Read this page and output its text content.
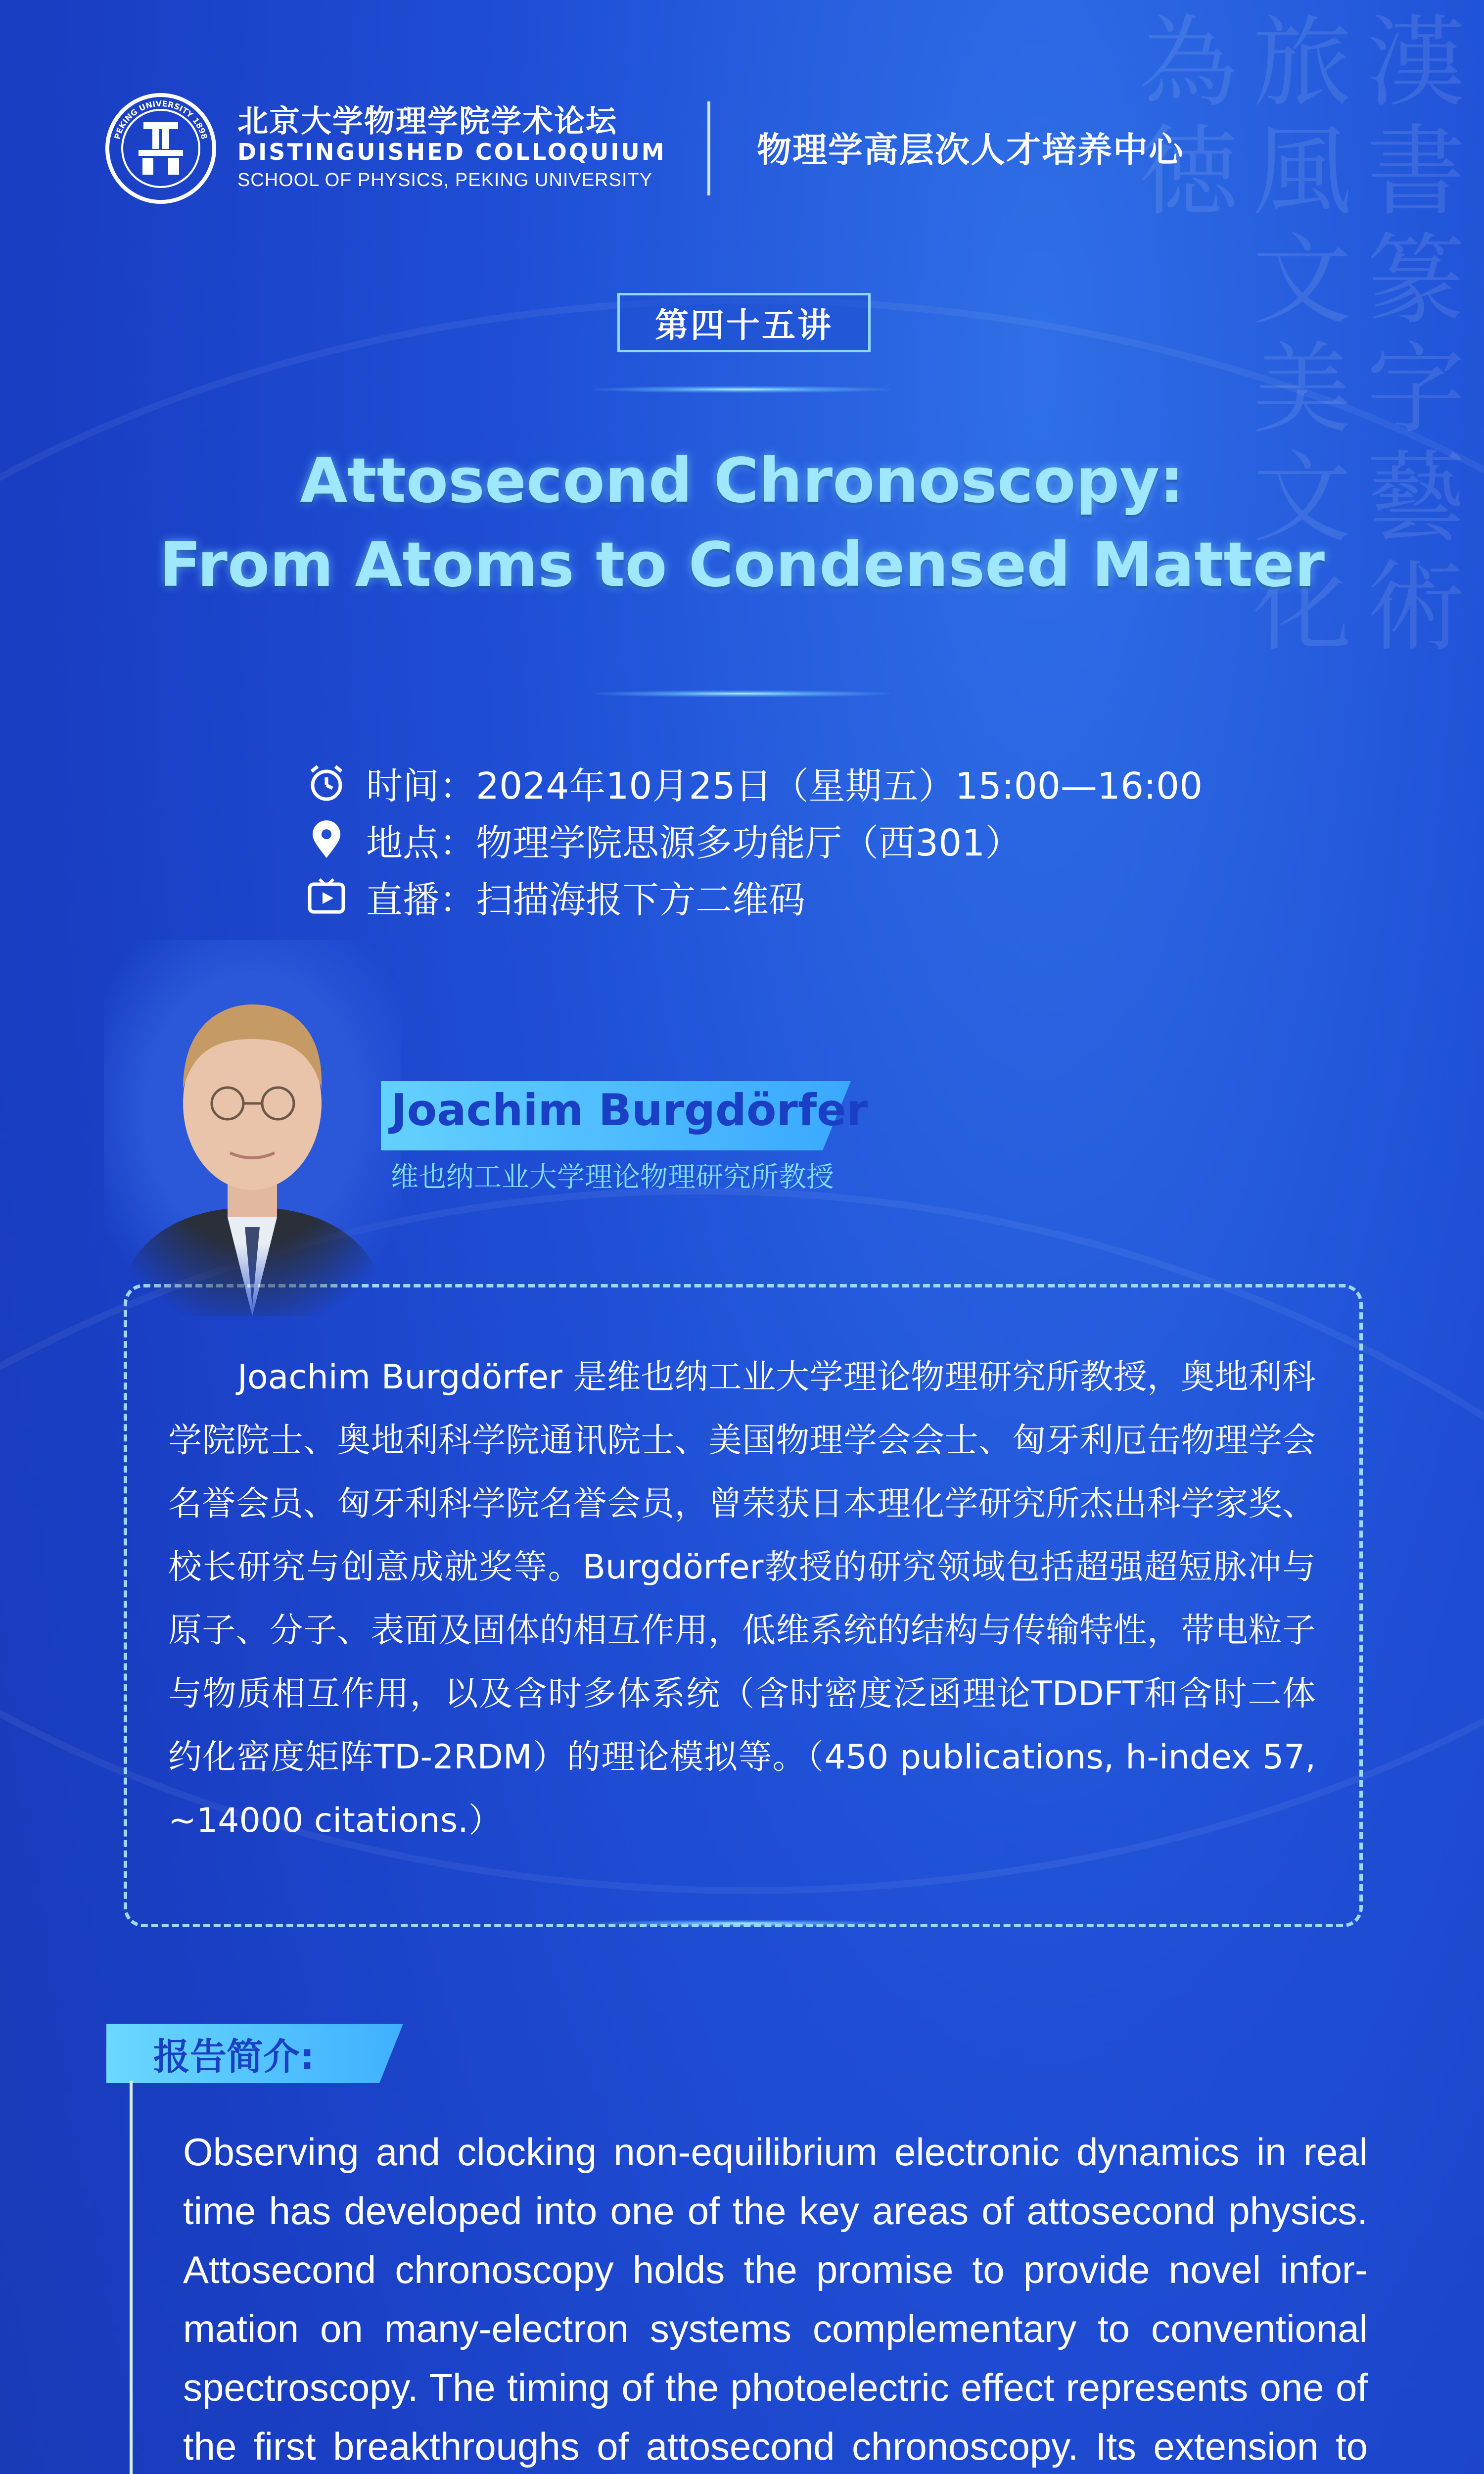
漢書篆字藝術旅風文美文化為徳
PEKING UNIVERSITY 1898 北京大学物理学院学术论坛
DISTINGUISHED COLLOQUIUM
SCHOOL OF PHYSICS, PEKING UNIVERSITY
物理学高层次人才培养中心
第四十五讲
Attosecond Chronoscopy:
From Atoms to Condensed Matter
时间：2024年10月25日（星期五）15:00—16:00
地点：物理学院思源多功能厅（西301）
直播：扫描海报下方二维码
Joachim Burgdörfer
维也纳工业大学理论物理研究所教授
Joachim Burgdörfer 是维也纳工业大学理论物理研究所教授，奥地利科学院院士、奥地利科学院通讯院士、美国物理学会会士、匈牙利厄缶物理学会名誉会员、匈牙利科学院名誉会员，曾荣获日本理化学研究所杰出科学家奖、校长研究与创意成就奖等。Burgdörfer教授的研究领域包括超强超短脉冲与原子、分子、表面及固体的相互作用，低维系统的结构与传输特性，带电粒子与物质相互作用，以及含时多体系统（含时密度泛函理论TDDFT和含时二体约化密度矩阵TD-2RDM）的理论模拟等。（450 publications, h-index 57, ~14000 citations.）
报告简介:
Observing and clocking non-equilibrium electronic dynamics in real time has developed into one of the key areas of attosecond physics. Attosecond chronoscopy holds the promise to provide novel information on many-electron systems complementary to conventional spectroscopy. The timing of the photoelectric effect represents one of the first breakthroughs of attosecond chronoscopy. Its extension to
